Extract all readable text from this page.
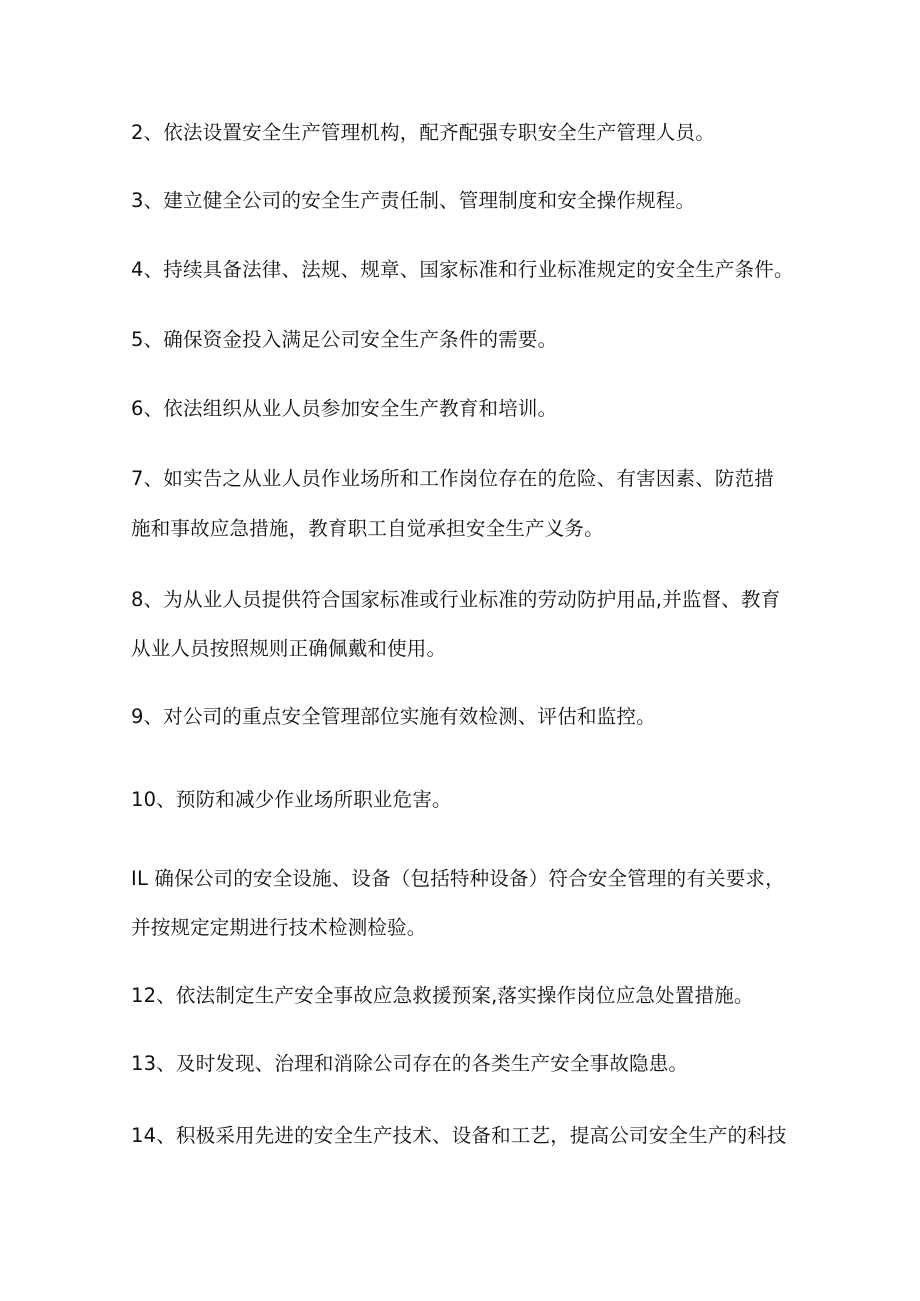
2、依法设置安全生产管理机构，配齐配强专职安全生产管理人员。
3、建立健全公司的安全生产责任制、管理制度和安全操作规程。
4、持续具备法律、法规、规章、国家标准和行业标准规定的安全生产条件。
5、确保资金投入满足公司安全生产条件的需要。
6、依法组织从业人员参加安全生产教育和培训。
7、如实告之从业人员作业场所和工作岗位存在的危险、有害因素、防范措
施和事故应急措施，教育职工自觉承担安全生产义务。
8、为从业人员提供符合国家标准或行业标准的劳动防护用品,并监督、教育
从业人员按照规则正确佩戴和使用。
9、对公司的重点安全管理部位实施有效检测、评估和监控。
10、预防和减少作业场所职业危害。
IL 确保公司的安全设施、设备（包括特种设备）符合安全管理的有关要求，
并按规定定期进行技术检测检验。
12、依法制定生产安全事故应急救援预案,落实操作岗位应急处置措施。
13、及时发现、治理和消除公司存在的各类生产安全事故隐患。
14、积极采用先进的安全生产技术、设备和工艺，提高公司安全生产的科技
